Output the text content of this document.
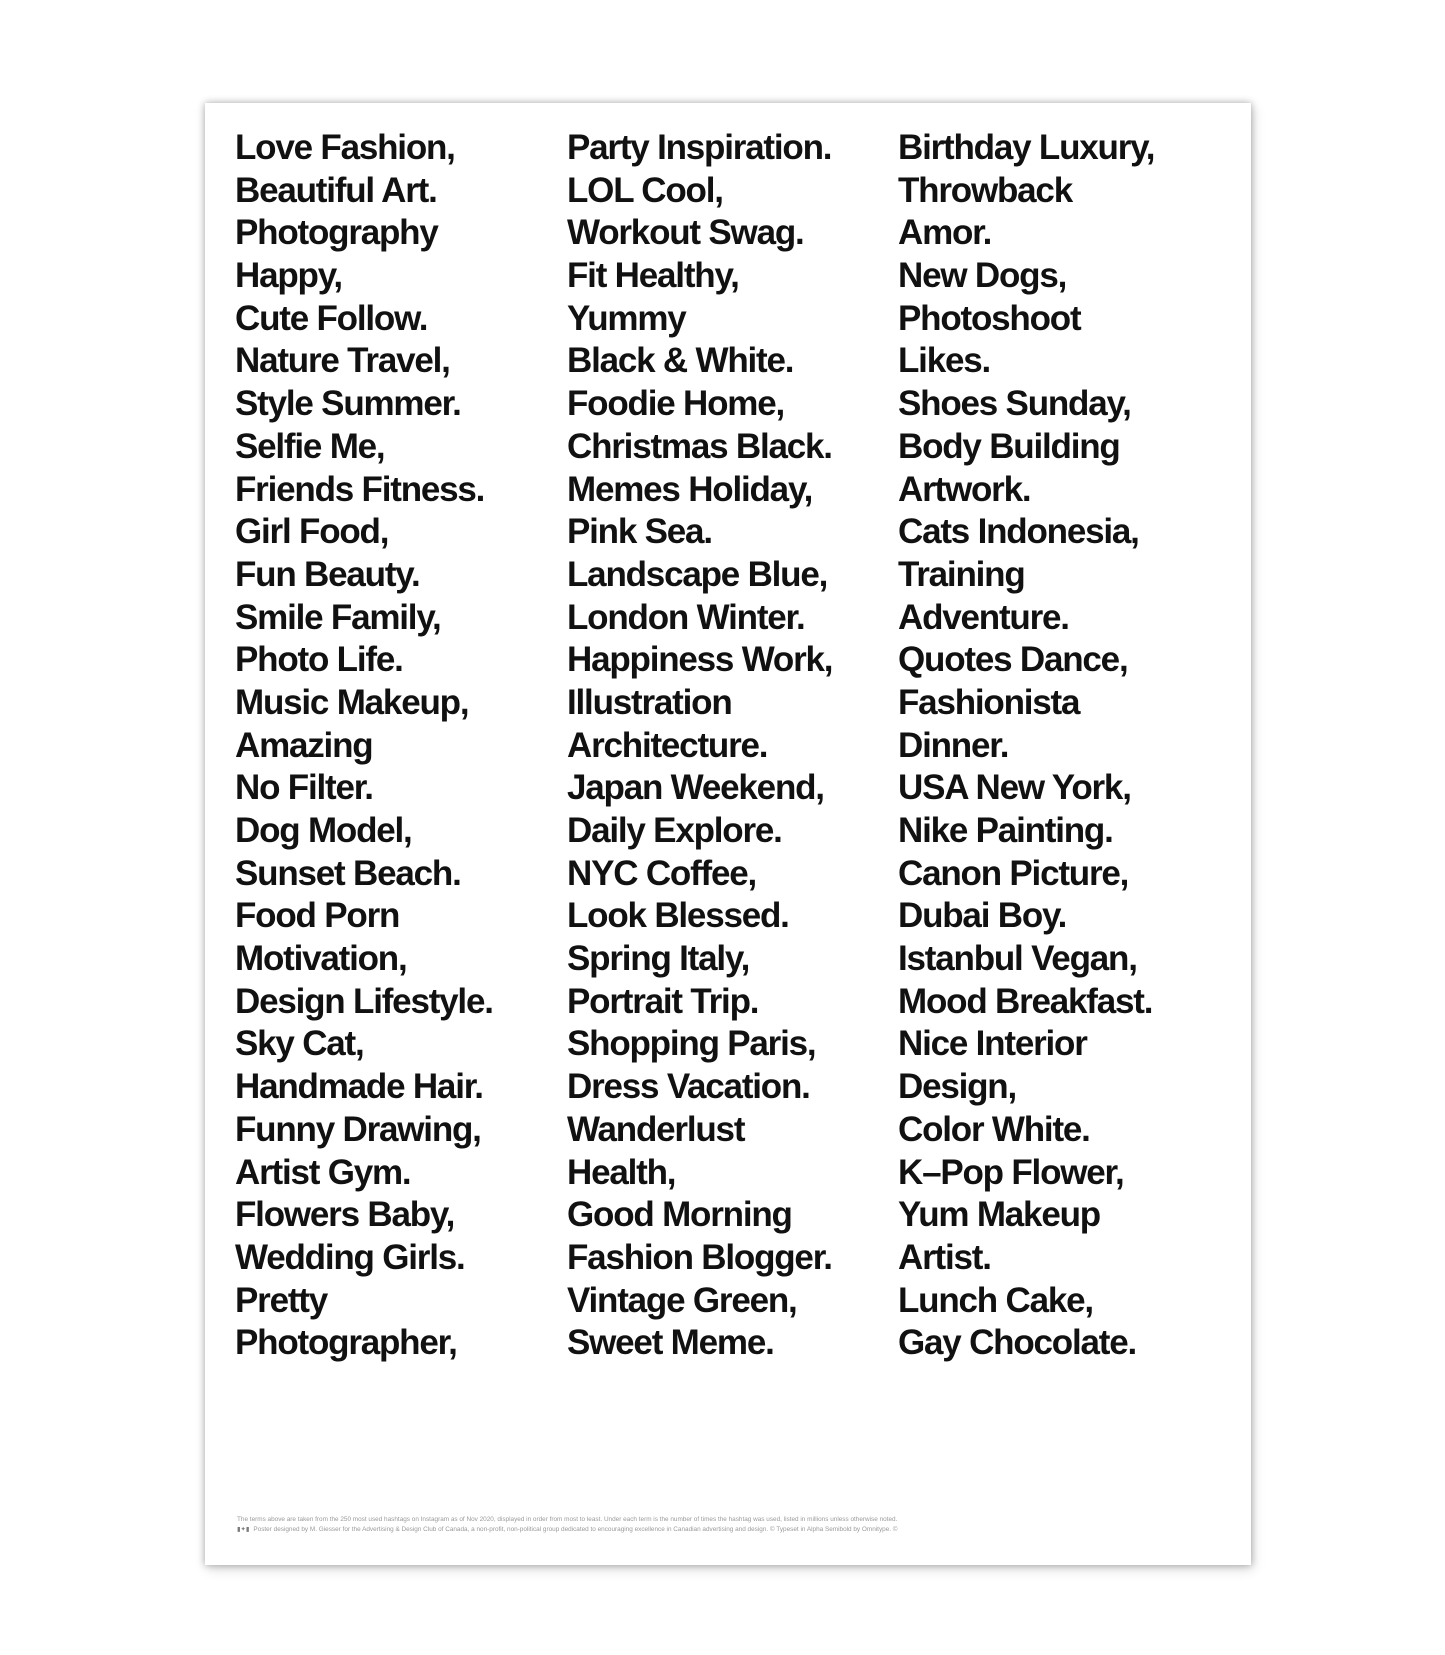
Love Fashion,
Beautiful Art.
Photography
Happy,
Cute Follow.
Nature Travel,
Style Summer.
Selfie Me,
Friends Fitness.
Girl Food,
Fun Beauty.
Smile Family,
Photo Life.
Music Makeup,
Amazing
No Filter.
Dog Model,
Sunset Beach.
Food Porn
Motivation,
Design Lifestyle.
Sky Cat,
Handmade Hair.
Funny Drawing,
Artist Gym.
Flowers Baby,
Wedding Girls.
Pretty
Photographer,
Party Inspiration.
LOL Cool,
Workout Swag.
Fit Healthy,
Yummy
Black & White.
Foodie Home,
Christmas Black.
Memes Holiday,
Pink Sea.
Landscape Blue,
London Winter.
Happiness Work,
Illustration
Architecture.
Japan Weekend,
Daily Explore.
NYC Coffee,
Look Blessed.
Spring Italy,
Portrait Trip.
Shopping Paris,
Dress Vacation.
Wanderlust
Health,
Good Morning
Fashion Blogger.
Vintage Green,
Sweet Meme.
Birthday Luxury,
Throwback
Amor.
New Dogs,
Photoshoot
Likes.
Shoes Sunday,
Body Building
Artwork.
Cats Indonesia,
Training
Adventure.
Quotes Dance,
Fashionista
Dinner.
USA New York,
Nike Painting.
Canon Picture,
Dubai Boy.
Istanbul Vegan,
Mood Breakfast.
Nice Interior
Design,
Color White.
K–Pop Flower,
Yum Makeup
Artist.
Lunch Cake,
Gay Chocolate.
The terms above are taken from the 250 most used hashtags on Instagram as of Nov 2020, displayed in order from most to least. Under each term is the number of times the hashtag was used, listed in millions unless otherwise noted.
▮✦▮ Poster designed by M. Giesser for the Advertising & Design Club of Canada, a non-profit, non-political group dedicated to encouraging excellence in Canadian advertising and design. © Typeset in Alpha Semibold by Omnitype. ©
